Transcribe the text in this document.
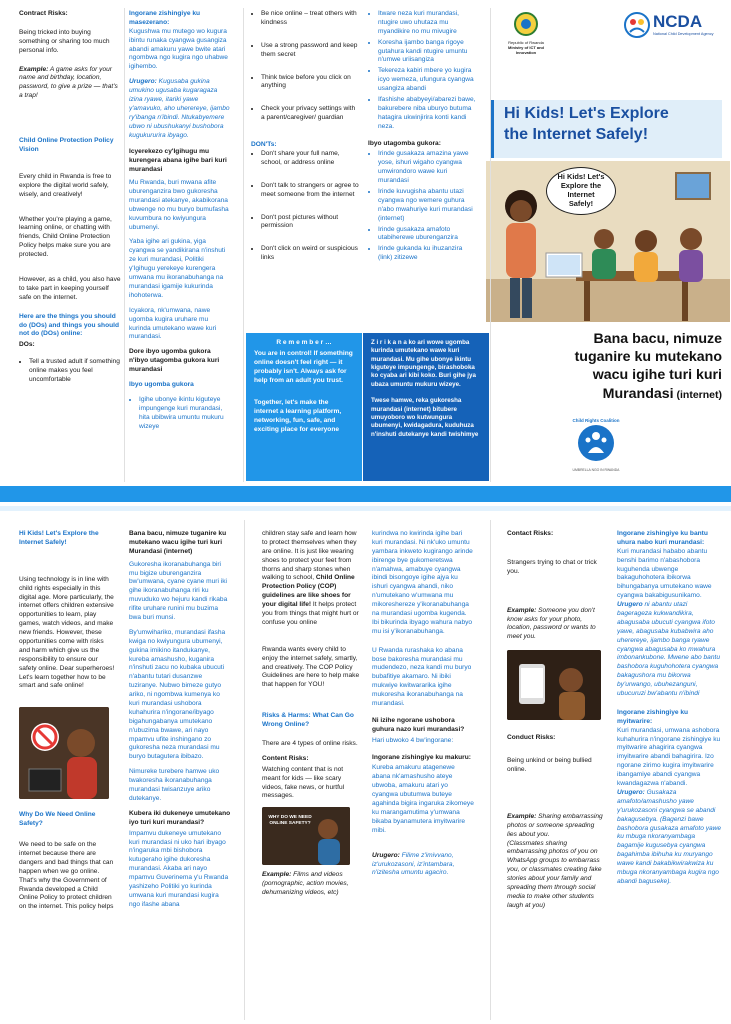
Contract Risks:
Being tricked into buying something or sharing too much personal info.
Example: A game asks for your name and birthday, location, password, to give a prize — that's a trap!
Child Online Protection Policy Vision
Every child in Rwanda is free to explore the digital world safely, wisely, and creatively!
Whether you're playing a game, learning online, or chatting with friends, Child Online Protection Policy helps make sure you are protected.
However, as a child, you also have to take part in keeping yourself safe on the internet.
Here are the things you should do (DOs) and things you should not do (DOs) online:
DOs:
• Tell a trusted adult if something online makes you feel uncomfortable
Ingorane zishingiye ku masezerano:
Kugushwa mu mutego wo kugura ibintu runaka cyangwa gusangiza abandi amakuru yawe bwite atari ngombwa ngo kugira ngo uhabwe igihembo.
Urugero: Kugusaba gukina umukino ugusaba kugaragaza izina ryawe, itariki yawe y'amavuko, aho uherereye, ijambo ry'ibanga n'ibindi. Ntukabyemere ubwo ni ubushukanyi bushobora kugukururira ibyago.
Icyerekezo cy'Igihugu mu kurengera abana igihe bari kuri murandasi
Mu Rwanda, buri mwana afite uburenganzira bwo gukoresha murandasi atekanye, akabikorana ubwenge no mu buryo bumufasha kuvumbura no kwiyungura ubumenyi.
Yaba igihe ari gukina, yiga cyangwa se yandikirana n'inshuti ze kuri murandasi, Politiki y'Igihugu yerekeye kurengera umwana mu ikoranabuhanga na murandasi igamije kukurinda ihohoterwa.
Icyakora, nk'umwana, nawe ugomba kugira uruhare mu kurinda umutekano wawe kuri murandasi.
Dore ibyo ugomba gukora n'ibyo utagomba gukora kuri murandasi
Ibyo ugomba gukora
• Igihe ubonye ikintu kiguteye impungenge kuri murandasi, hita ubibwira umuntu mukuru wizeye
• Be nice online – treat others with kindness
• Use a strong password and keep them secret
• Think twice before you click on anything
• Check your privacy settings with a parent/caregiver/ guardian
DON'Ts:
• Don't share your full name, school, or address online
• Don't talk to strangers or agree to meet someone from the internet
• Don't post pictures without permission
• Don't click on weird or suspicious links
• Itware neza kuri murandasi, ntugire uwo uhutaza mu myandikire no mu mivugire
• Koresha ijambo banga rigoye gutahura kandi ntugire umuntu n'umwe uriisangiza
• Tekereza kabiri mbere yo kugira icyo wemeza, ufungura cyangwa usangiza abandi
• Ifashishe ababyeyi/abarezi bawe, bakurebere niba uburyo butuma hatagira ukwinjirira konti kandi neza.
Ibyo utagomba gukora:
• Irinde gusakaza amazina yawe yose, ishuri wigaho cyangwa umwirondoro wawe kuri murandasi
• Irinde kuvugisha abantu utazi cyangwa ngo wemere guhura n'abo mwahuriye kuri murandasi (internet)
• Irinde gusakaza amafoto utabiherewe uburenganzira
• Irinde gukanda ku ihuzanzira (link) zitizewe
R e m e m b e r …
You are in control! If something online doesn't feel right — it probably isn't. Always ask for help from an adult you trust.
Together, let's make the internet a learning platform, networking, fun, safe, and exciting place for everyone
Z i r i k a n a ko ari wowe ugomba kurinda umutekano wawe kuri murandasi. Mu gihe ubonye ikintu kiguteye impungenge, birashoboka ko cyaba ari kibi koko. Buri gihe jya ubaza umuntu mukuru wizeye.
Twese hamwe, reka gukoresha murandasi (internet) bitubere umuyoboro wo kutwungura ubumenyi, kwidagadura, kuduhuza n'inshuti dutekanye kandi twishimye
Republic of Rwanda
Ministry of ICT and Innovation
NCDA
National Child Development Agency
Hi Kids! Let's Explore
the Internet Safely!
Hi Kids! Let's Explore the Internet Safely!
Bana bacu, nimuze
tuganire ku mutekano
wacu igihe turi kuri
Murandasi (internet)
Child Rights Coalition
UMBRELLA NGO IN RWANDA
Hi Kids! Let's Explore the Internet Safely!
Using technology is in line with child rights especially in this digital age. More particularly, the internet offers children extensive opportunities to learn, play games, watch videos, and make new friends. However, these opportunities come with risks and harm which give us the responsibility to ensure our safety online. Dear superheroes! Let's learn together how to be smart and safe online!
Why Do We Need Online Safety?
We need to be safe on the internet because there are dangers and bad things that can happen when we go online. That's why the Government of Rwanda developed a Child Online Policy to protect children on the internet. This policy helps
Bana bacu, nimuze tuganire ku mutekano wacu igihe turi kuri Murandasi (internet)
Gukoresha ikoranabuhanga biri mu bigize uburenganzira bw'umwana, cyane cyane muri iki gihe ikoranabuhanga riri ku muvuduko wo hejuru kandi rikaba rifite uruhare runini mu buzima bwa buri munsi.
By'umwihariko, murandasi ifasha kwiga no kwiyungura ubumenyi, gukina imikino itandukanye, kureba amashusho, kuganira n'inshuti zacu no kubaka ubucuti n'abantu tutari dusanzwe tuziranye. Nubwo bimeze gutyo ariko, ni ngombwa kumenya ko kuri murandasi ushobora kuhahurira n'ingorane/ibyago bigahungabanya umutekano n'ubuzima bwawe, ari nayo mpamvu ufite inshingano zo gukoresha neza murandasi mu buryo butagutera ibibazo.
Nimureke turebere hamwe uko twakoresha ikoranabuhanga murandasi twisanzuye ariko dutekanye.
Kubera iki dukeneye umutekano iyo turi kuri murandasi?
Impamvu dukeneye umutekano kuri murandasi ni uko hari ibyago n'ingaruka mbi bishobora kutugeraho igihe dukoresha murandasi. Akaba ari nayo mpamvu Guverinema y'u Rwanda yashizeho Politiki yo kurinda umwana kuri murandasi kugira ngo ifashe abana
children stay safe and learn how to protect themselves when they are online. It is just like wearing shoes to protect your feet from thorns and sharp stones when walking to school, Child Online Protection Policy (COP) guidelines are like shoes for your digital life! It helps protect you from things that might hurt or confuse you online
Rwanda wants every child to enjoy the internet safely, smartly, and creatively. The COP Policy Guidelines are here to help make that happen for YOU!
Risks & Harms: What Can Go Wrong Online?
There are 4 types of online risks.
Content Risks:
Watching content that is not meant for kids — like scary videos, fake news, or hurtful messages.
WHY DO WE NEED ONLINE SAFETY?
Example: Films and videos (pornographic, action movies, dehumanizing videos, etc)
kurindwa no kwirinda igihe bari kuri murandasi. Ni nk'uko umuntu yambara inkweto kugirango arinde ibirenge bye gukomeretswa n'amahwa, amabuye cyangwa ibindi bisongoye igihe ajya ku ishuri cyangwa ahandi, niko n'umutekano w'umwana mu mikoreshereze y'ikoranabuhanga na murandasi ugomba kugenda. Ibi bikurinda ibyago wahura nabyo mu isi y'ikoranabuhanga.
U Rwanda rurashaka ko abana bose bakoresha murandasi mu mudendezo, neza kandi mu buryo bubafitiye akamaro. Ni ibiki mukwiye kwitwararika igihe mukoresha ikoranabuhanga na murandasi.
Ni izihe ngorane ushobora guhura nazo kuri murandasi?
Hari ubwoko 4 bw'ingorane:
Ingorane zishingiye ku makuru:
Kureba amakuru atagenewe abana nk'amashusho ateye ubwoba, amakuru atari yo cyangwa ubutumwa buteye agahinda bigira ingaruka zikomeye ku marangamutima y'umwana bikaba byanamutera imyitwarire mibi.
Urugero: Filime z'imivvano, iz'urukozasoni, iz'intambara, n'izitesha umuntu agaciro.
Contact Risks:
Strangers trying to chat or trick you.
Example: Someone you don't know asks for your photo, location, password or wants to meet you.
Conduct Risks:
Being unkind or being bullied online.
Example: Sharing embarrassing photos or someone spreading lies about you.
(Classmates sharing embarrassing photos of you on WhatsApp groups to embarrass you, or classmates creating fake stories about your family and spreading them through social media to make other students laugh at you)
Ingorane zishingiye ku bantu uhura nabo kuri murandasi:
Kuri murandasi hababo abantu benshi barimo n'abashobora kuguhenda ubwenge bakaguhohotera ibikorwa bihungabanya umutekano wawe cyangwa bakabigusunikamo.
Urugero ni abantu utazi bagerageza kukwandikira, abagusaba ubucuti cyangwa ifoto yawe, abagusaba kubabwira aho uherereye, ijambo banga ryawe cyangwa abagusaba ko mwahura imbonankubone. Mwene abo bantu bashobora kuguhohotera cyangwa bakagushora mu bikorwa by'urwango, ubuhezanguni, ubucuruzi bw'abantu n'ibindi
Ingorane zishingiye ku myitwarire:
Kuri murandasi, umwana ashobora kuhahurira n'ingorane zishingiye ku myitwarire ahagirira cyangwa imyitwarire abandi bahagirira. Izo ngorane zirimo kugira imyitwarire ibangamiye abandi cyangwa kwandagazwa n'abandi.
Urugero: Gusakaza amafoto/amashusho yawe y'urukozasoni cyangwa se abandi bakagusebya. (Bagenzi bawe bashobora gusakaza amafoto yawe ku mbuga nkoranyambaga bagamije kugusebya cyangwa bagahimba ibihuha ku muryango wawe kandi bakabikwirakwiza ku mbuga nkoranyambaga kugira ngo abandi baguseke).
